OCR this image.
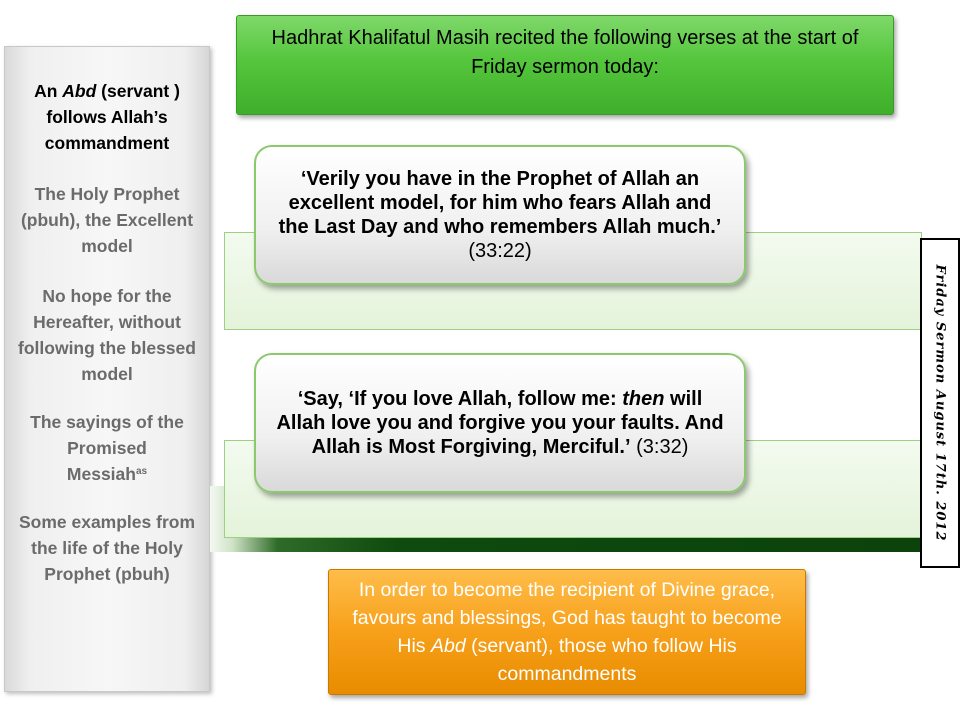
An Abd (servant ) follows Allah’s commandment
The Holy Prophet (pbuh), the Excellent model
No hope for the Hereafter, without following the blessed model
The sayings of the Promised Messiah$^{as}$
Some examples from the life of the Holy Prophet (pbuh)
Hadhrat Khalifatul Masih recited the following verses at the start of Friday sermon today:
‘Verily you have in the Prophet of Allah an excellent model, for him who fears Allah and the Last Day and who remembers Allah much.’ (33:22)
‘Say, ‘If you love Allah, follow me: then will Allah love you and forgive you your faults. And Allah is Most Forgiving, Merciful.’ (3:32)	Friday Sermon August 17th. 2012
In order to become the recipient of Divine grace, favours and blessings, God has taught to become His Abd (servant), those who follow His commandments
